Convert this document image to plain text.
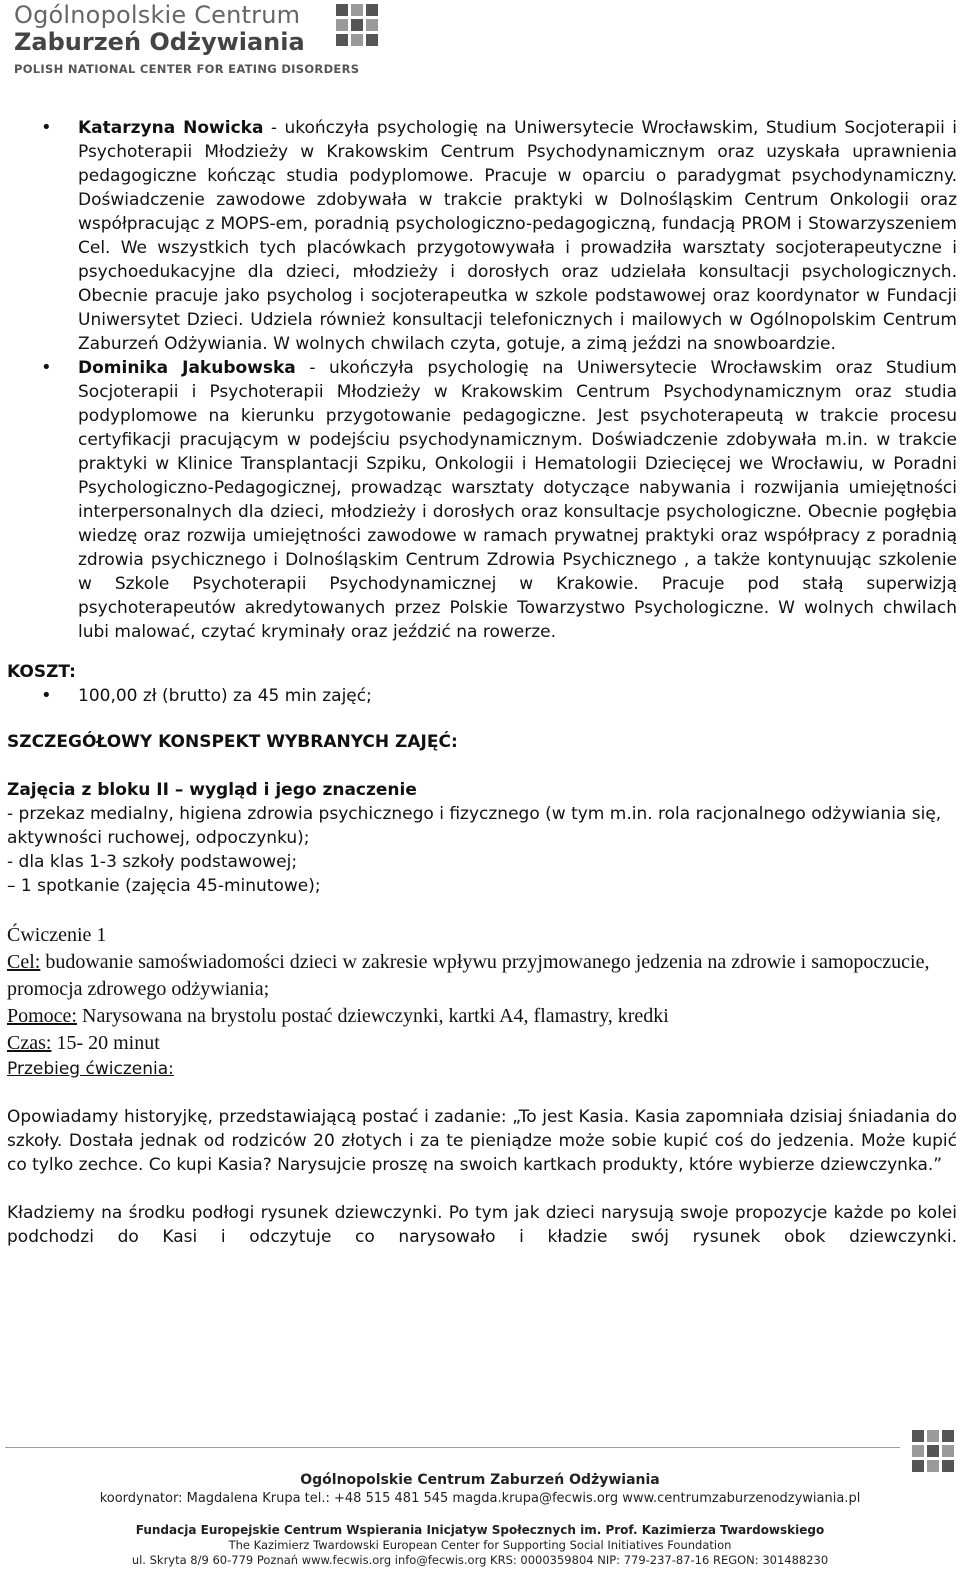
Ogólnopolskie Centrum
Zaburzeń Odżywiania
POLISH NATIONAL CENTER FOR EATING DISORDERS
• Katarzyna Nowicka - ukończyła psychologię na Uniwersytecie Wrocławskim, Studium Socjoterapii i Psychoterapii Młodzieży w Krakowskim Centrum Psychodynamicznym oraz uzyskała uprawnienia pedagogiczne kończąc studia podyplomowe. Pracuje w oparciu o paradygmat psychodynamiczny. Doświadczenie zawodowe zdobywała w trakcie praktyki w Dolnośląskim Centrum Onkologii oraz współpracując z MOPS-em, poradnią psychologiczno-pedagogiczną, fundacją PROM i Stowarzyszeniem Cel. We wszystkich tych placówkach przygotowywała i prowadziła warsztaty socjoterapeutyczne i psychoedukacyjne dla dzieci, młodzieży i dorosłych oraz udzielała konsultacji psychologicznych. Obecnie pracuje jako psycholog i socjoterapeutka w szkole podstawowej oraz koordynator w Fundacji Uniwersytet Dzieci. Udziela również konsultacji telefonicznych i mailowych w Ogólnopolskim Centrum Zaburzeń Odżywiania. W wolnych chwilach czyta, gotuje, a zimą jeździ na snowboardzie.
• Dominika Jakubowska - ukończyła psychologię na Uniwersytecie Wrocławskim oraz Studium Socjoterapii i Psychoterapii Młodzieży w Krakowskim Centrum Psychodynamicznym oraz studia podyplomowe na kierunku przygotowanie pedagogiczne. Jest psychoterapeutą w trakcie procesu certyfikacji pracującym w podejściu psychodynamicznym. Doświadczenie zdobywała m.in. w trakcie praktyki w Klinice Transplantacji Szpiku, Onkologii i Hematologii Dziecięcej we Wrocławiu, w Poradni Psychologiczno-Pedagogicznej, prowadząc warsztaty dotyczące nabywania i rozwijania umiejętności interpersonalnych dla dzieci, młodzieży i dorosłych oraz konsultacje psychologiczne. Obecnie pogłębia wiedzę oraz rozwija umiejętności zawodowe w ramach prywatnej praktyki oraz współpracy z poradnią zdrowia psychicznego i Dolnośląskim Centrum Zdrowia Psychicznego , a także kontynuując szkolenie w Szkole Psychoterapii Psychodynamicznej w Krakowie. Pracuje pod stałą superwizją psychoterapeutów akredytowanych przez Polskie Towarzystwo Psychologiczne. W wolnych chwilach lubi malować, czytać kryminały oraz jeździć na rowerze.
KOSZT:
• 100,00 zł (brutto) za 45 min zajęć;
SZCZEGÓŁOWY KONSPEKT WYBRANYCH ZAJĘĆ:
Zajęcia z bloku II – wygląd i jego znaczenie
- przekaz medialny, higiena zdrowia psychicznego i fizycznego (w tym m.in. rola racjonalnego odżywiania się, aktywności ruchowej, odpoczynku);
- dla klas 1-3 szkoły podstawowej;
– 1 spotkanie (zajęcia 45-minutowe);
Ćwiczenie 1
Cel: budowanie samoświadomości dzieci w zakresie wpływu przyjmowanego jedzenia na zdrowie i samopoczucie, promocja zdrowego odżywiania;
Pomoce: Narysowana na brystolu postać dziewczynki, kartki A4, flamastry, kredki
Czas: 15- 20 minut
Przebieg ćwiczenia:
Opowiadamy historyjkę, przedstawiającą postać i zadanie: „To jest Kasia. Kasia zapomniała dzisiaj śniadania do szkoły. Dostała jednak od rodziców 20 złotych i za te pieniądze może sobie kupić coś do jedzenia. Może kupić co tylko zechce. Co kupi Kasia? Narysujcie proszę na swoich kartkach produkty, które wybierze dziewczynka.”
Kładziemy na środku podłogi rysunek dziewczynki. Po tym jak dzieci narysują swoje propozycje każde po kolei podchodzi do Kasi i odczytuje co narysowało i kładzie swój rysunek obok dziewczynki.
Ogólnopolskie Centrum Zaburzeń Odżywiania
koordynator: Magdalena Krupa tel.: +48 515 481 545 magda.krupa@fecwis.org www.centrumzaburzenodzywiania.pl
Fundacja Europejskie Centrum Wspierania Inicjatyw Społecznych im. Prof. Kazimierza Twardowskiego
The Kazimierz Twardowski European Center for Supporting Social Initiatives Foundation
ul. Skryta 8/9 60-779 Poznań www.fecwis.org info@fecwis.org KRS: 0000359804 NIP: 779-237-87-16 REGON: 301488230
